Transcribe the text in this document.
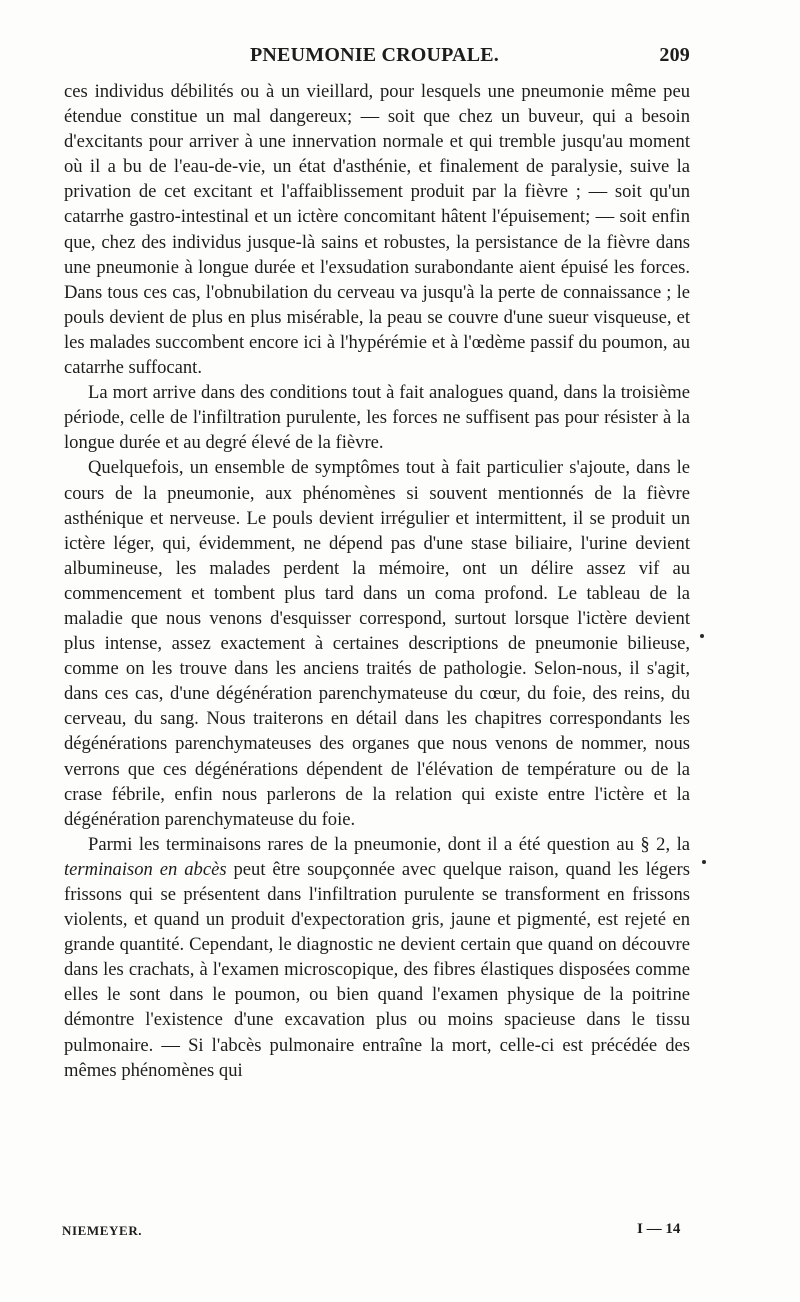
PNEUMONIE CROUPALE.	209

ces individus débilités ou à un vieillard, pour lesquels une pneumonie même peu étendue constitue un mal dangereux; — soit que chez un buveur, qui a besoin d'excitants pour arriver à une innervation normale et qui tremble jusqu'au moment où il a bu de l'eau-de-vie, un état d'asthénie, et finalement de paralysie, suive la privation de cet excitant et l'affaiblissement produit par la fièvre ; — soit qu'un catarrhe gastro-intestinal et un ictère concomitant hâtent l'épuisement; — soit enfin que, chez des individus jusque-là sains et robustes, la persistance de la fièvre dans une pneumonie à longue durée et l'exsudation surabondante aient épuisé les forces. Dans tous ces cas, l'obnubilation du cerveau va jusqu'à la perte de connaissance ; le pouls devient de plus en plus misérable, la peau se couvre d'une sueur visqueuse, et les malades succombent encore ici à l'hypérémie et à l'œdème passif du poumon, au catarrhe suffocant.

La mort arrive dans des conditions tout à fait analogues quand, dans la troisième période, celle de l'infiltration purulente, les forces ne suffisent pas pour résister à la longue durée et au degré élevé de la fièvre.

Quelquefois, un ensemble de symptômes tout à fait particulier s'ajoute, dans le cours de la pneumonie, aux phénomènes si souvent mentionnés de la fièvre asthénique et nerveuse. Le pouls devient irrégulier et intermittent, il se produit un ictère léger, qui, évidemment, ne dépend pas d'une stase biliaire, l'urine devient albumineuse, les malades perdent la mémoire, ont un délire assez vif au commencement et tombent plus tard dans un coma profond. Le tableau de la maladie que nous venons d'esquisser correspond, surtout lorsque l'ictère devient plus intense, assez exactement à certaines descriptions de pneumonie bilieuse, comme on les trouve dans les anciens traités de pathologie. Selon-nous, il s'agit, dans ces cas, d'une dégénération parenchymateuse du cœur, du foie, des reins, du cerveau, du sang. Nous traiterons en détail dans les chapitres correspondants les dégénérations parenchymateuses des organes que nous venons de nommer, nous verrons que ces dégénérations dépendent de l'élévation de température ou de la crase fébrile, enfin nous parlerons de la relation qui existe entre l'ictère et la dégénération parenchymateuse du foie.

Parmi les terminaisons rares de la pneumonie, dont il a été question au § 2, la terminaison en abcès peut être soupçonnée avec quelque raison, quand les légers frissons qui se présentent dans l'infiltration purulente se transforment en frissons violents, et quand un produit d'expectoration gris, jaune et pigmenté, est rejeté en grande quantité. Cependant, le diagnostic ne devient certain que quand on découvre dans les crachats, à l'examen microscopique, des fibres élastiques disposées comme elles le sont dans le poumon, ou bien quand l'examen physique de la poitrine démontre l'existence d'une excavation plus ou moins spacieuse dans le tissu pulmonaire. — Si l'abcès pulmonaire entraîne la mort, celle-ci est précédée des mêmes phénomènes qui

NIEMEYER.	I — 14
